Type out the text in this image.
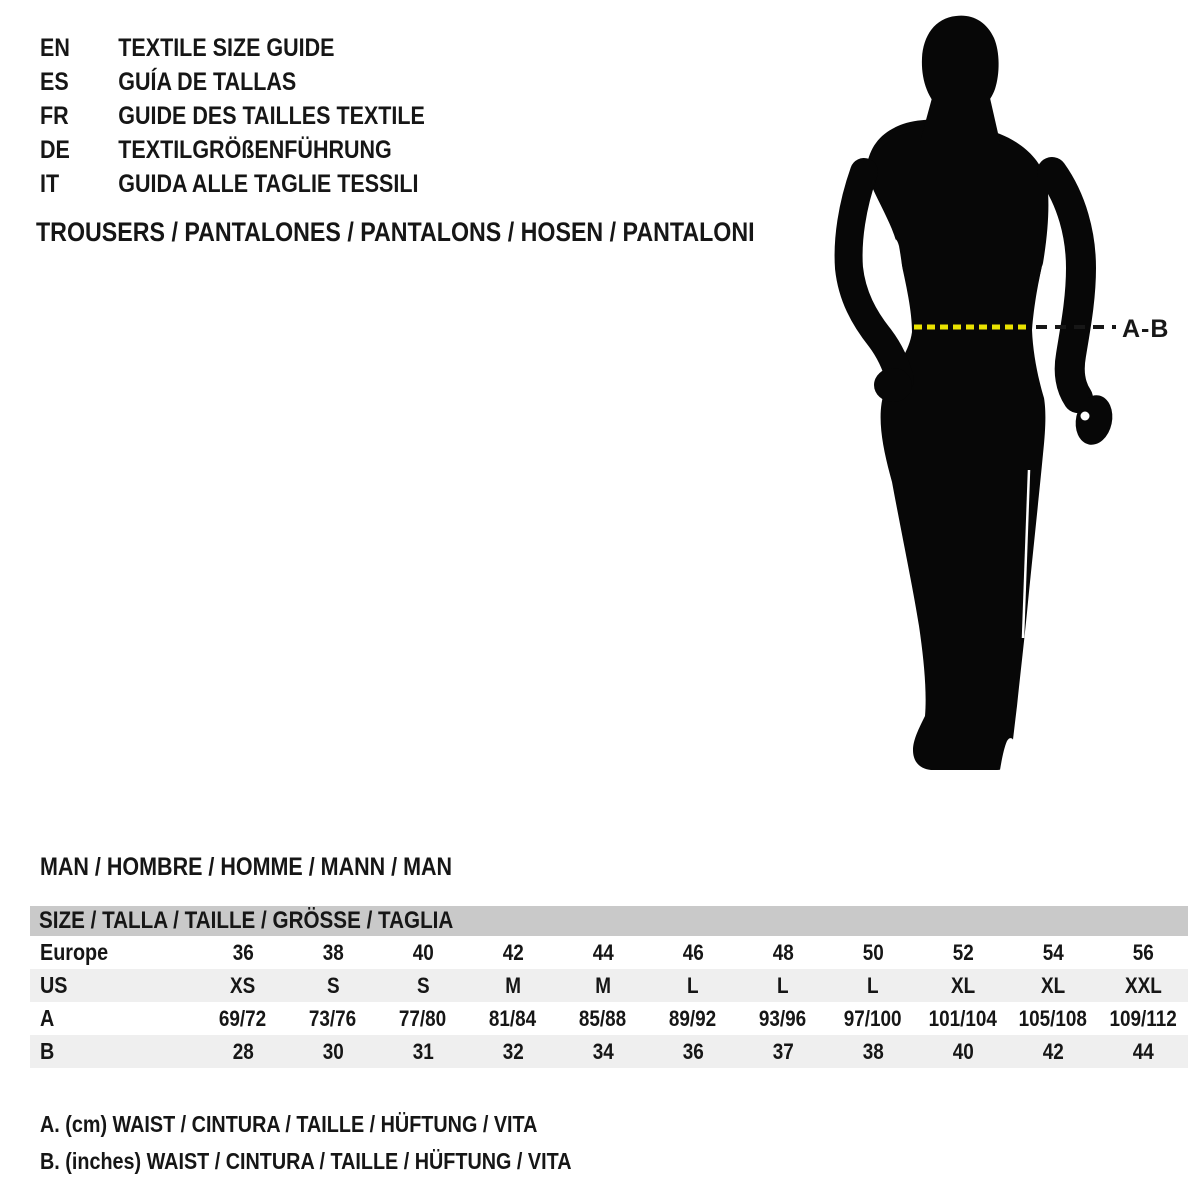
EN TEXTILE SIZE GUIDE
ES GUÍA DE TALLAS
FR GUIDE DES TAILLES TEXTILE
DE TEXTILGRÖßENFÜHRUNG
IT GUIDA ALLE TAGLIE TESSILI
TROUSERS / PANTALONES / PANTALONS / HOSEN / PANTALONI
A-B
MAN / HOMBRE / HOMME / MANN / MAN
SIZE / TALLA / TAILLE / GRÖSSE / TAGLIA											
Europe	36	38	40	42	44	46	48	50	52	54	56
US	XS	S	S	M	M	L	L	L	XL	XL	XXL
A	69/72	73/76	77/80	81/84	85/88	89/92	93/96	97/100	101/104	105/108	109/112
B	28	30	31	32	34	36	37	38	40	42	44
A. (cm) WAIST / CINTURA / TAILLE / HÜFTUNG / VITA
B. (inches) WAIST / CINTURA / TAILLE / HÜFTUNG / VITA
